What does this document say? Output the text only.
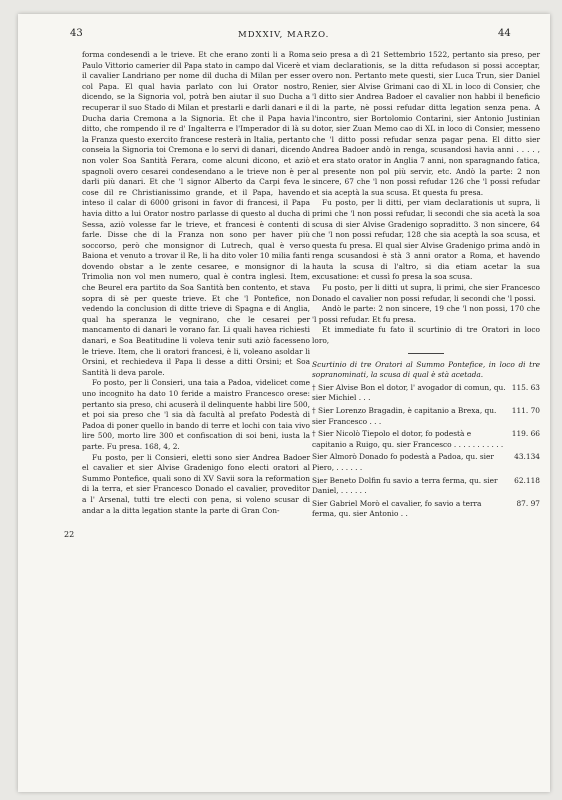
43	MDXXIV, MARZO.	44
22

forma condesendì a le trieve. Et che erano zonti li a Roma Paulo Vittorio camerier dil Papa stato in campo dal Vicerè et il cavalier Landriano per nome dil ducha di Milan per esser col Papa. El qual havia parlato con lui Orator nostro, dicendo, se la Signoria vol, potrà ben aiutar il suo Ducha a recuperar il suo Stado di Milan et prestarli e darli danari e il Ducha daria Cremona a la Signoria. Et che il Papa havia ditto, che rompendo il re d' Ingalterra e l'Imperador di là su la Franza questo exercito francese resterà in Italia, pertanto conseia la Signoria toi Cremona e lo servi di danari, dicendo non voler Soa Santità Ferara, come alcuni dicono, et aziò spagnoli overo cesarei condesendano a le trieve non è per darli più danari. Et che 'l signor Alberto da Carpi feva le cose dil re Christianissimo grande, et il Papa, havendo inteso il calar di 6000 grisoni in favor di francesi, il Papa havia ditto a lui Orator nostro parlasse di questo al ducha di Sessa, aziò volesse far le trieve, et francesi è contenti di farle. Disse che di la Franza non sono per haver più soccorso, però che monsignor di Lutrech, qual è verso Baiona et venuto a trovar il Re, li ha dito voler 10 milia fanti dovendo obstar a le zente cesaree, e monsignor di la Trimolia non vol men numero, qual è contra inglesi. Item, che Beurel era partito da Soa Santità ben contento, et stava sopra di sè per queste trieve. Et che 'l Pontefice, non vedendo la conclusion di ditte trieve di Spagna e di Anglia, qual ha speranza le vegnirano, che le cesarei per mancamento di danari le vorano far. Li quali havea richiesti danari, e Soa Beatitudine li voleva tenir suti aziò facesseno le trieve. Item, che li oratori francesi, è li, voleano asoldar li Orsini, et rechiedeva il Papa li desse a ditti Orsini; et Soa Santità li deva parole.

Fo posto, per li Consieri, una taia a Padoa, videlicet come uno incognito ha dato 10 feride a maistro Francesco orese: pertanto sia preso, chi acuserà il delinquente habbi lire 500, et poi sia preso che 'l sia dà facultà al prefato Podestà di Padoa di poner quello in bando di terre et lochi con taia vivo lire 500, morto lire 300 et confiscation di soi beni, iusta la parte. Fu presa. 168, 4, 2.

Fu posto, per li Consieri, eletti sono sier Andrea Badoer el cavalier et sier Alvise Gradenigo fono electi oratori al Summo Pontefice, quali sono di XV Savii sora la reformation di la terra, et sier Francesco Donado el cavalier, proveditor a l' Arsenal, tutti tre electi con pena, si voleno scusar di andar a la ditta legation stante la parte di Gran Con-

seio presa a dì 21 Settembrio 1522, pertanto sia preso, per viam declarationis, se la ditta refudason si possi acceptar, overo non. Pertanto mete questi, sier Luca Trun, sier Daniel Renier, sier Alvise Grimani cao di XL in loco di Consier, che 'l ditto sier Andrea Badoer el cavalier non habbi il beneficio di la parte, nè possi refudar ditta legation senza pena. A l'incontro, sier Bortolomio Contarini, sier Antonio Justinian dotor, sier Zuan Memo cao di XL in loco di Consier, messeno che 'l ditto possi refudar senza pagar pena. El ditto sier Andrea Badoer andò in renga, scusandosi havia anni . . . . , et era stato orator in Anglia 7 anni, non sparagnando fatica, al presente non pol più servir, etc. Andò la parte: 2 non sincere, 67 che 'l non possi refudar 126 che 'l possi refudar et sia aceptà la sua scusa. Et questa fu presa.

Fu posto, per li ditti, per viam declarationis ut supra, li primi che 'l non possi refudar, li secondi che sia acetà la soa scusa di sier Alvise Gradenigo sopraditto. 3 non sincere, 64 che 'l non possi refudar, 128 che sia aceptà la soa scusa, et questa fu presa. El qual sier Alvise Gradenigo prima andò in renga scusandosi è stà 3 anni orator a Roma, et havendo hauta la scusa di l'altro, si dia etiam acetar la sua excusatione: et cussì fo presa la soa scusa.

Fu posto, per li ditti ut supra, li primi, che sier Francesco Donado el cavalier non possi refudar, li secondi che 'l possi.

Andò le parte: 2 non sincere, 19 che 'l non possi, 170 che 'l possi refudar. Et fu presa.

Et immediate fu fato il scurtinio di tre Oratori in loco loro,

Scurtinio di tre Oratori al Summo Pontefice, in loco di tre sopranominati, la scusa di qual è stà acetada.

† Sier Alvise Bon el dotor, l' avogador di comun, qu. sier Michiel . . .
115. 63
† Sier Lorenzo Bragadin, è capitanio a Brexa, qu. sier Francesco . . .
111. 70
† Sier Nicolò Tiepolo el dotor, fo podestà e capitanio a Ruigo, qu. sier Francesco . . . . . . . . . . .
119. 66
Sier Almorò Donado fo podestà a Padoa, qu. sier Piero, . . . . . .
43.134
Sier Beneto Dolfin fu savio a terra ferma, qu. sier Daniel, . . . . . .
62.118
Sier Gabriel Morò el cavalier, fo savio a terra ferma, qu. sier Antonio . .
87. 97
